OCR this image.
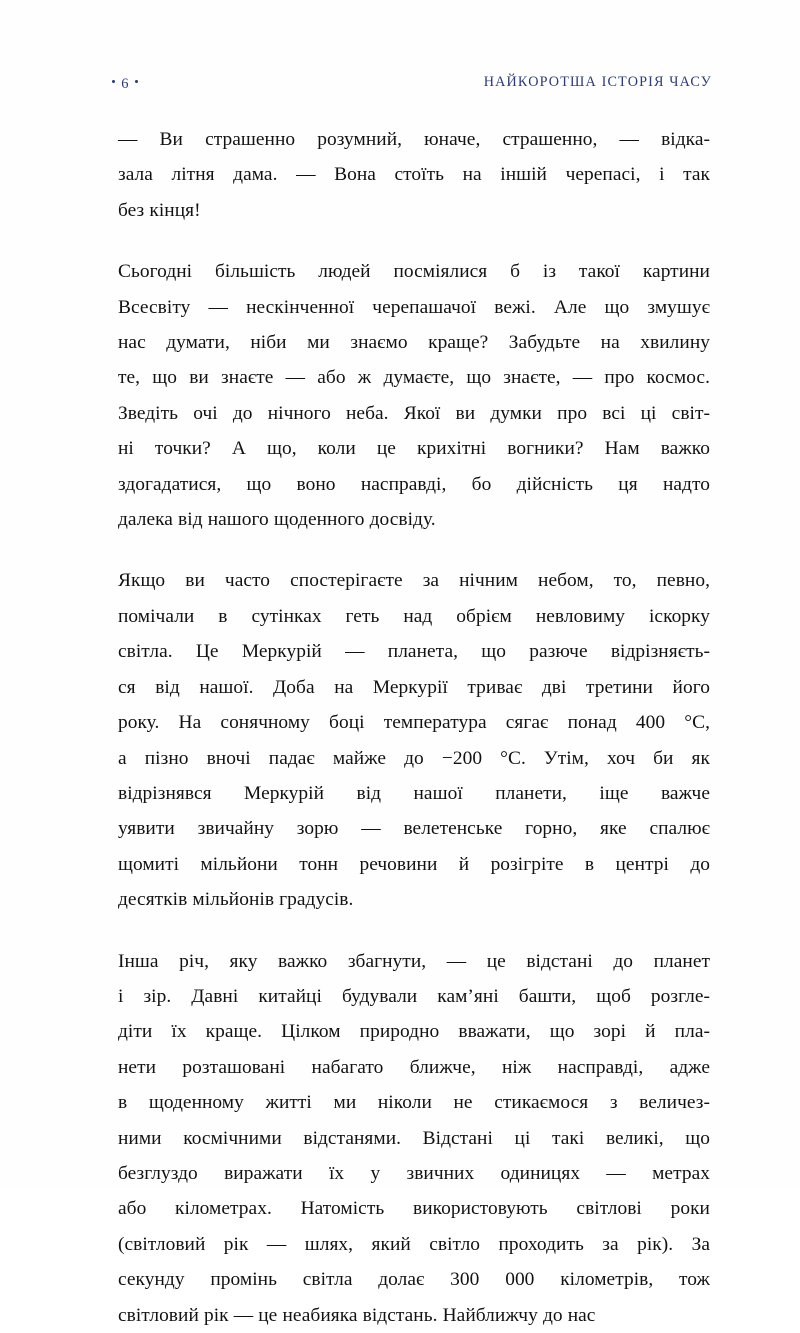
6	НАЙКОРОТША ІСТОРІЯ ЧАСУ

— Ви страшенно розумний, юначе, страшенно, — відка-
зала літня дама. — Вона стоїть на іншій черепасі, і так
без кінця!

Сьогодні більшість людей посміялися б із такої картини
Всесвіту — нескінченної черепашачої вежі. Але що змушує
нас думати, ніби ми знаємо краще? Забудьте на хвилину
те, що ви знаєте — або ж думаєте, що знаєте, — про космос.
Зведіть очі до нічного неба. Якої ви думки про всі ці світ-
ні точки? А що, коли це крихітні вогники? Нам важко
здогадатися, що воно насправді, бо дійсність ця надто
далека від нашого щоденного досвіду.

Якщо ви часто спостерігаєте за нічним небом, то, певно,
помічали в сутінках геть над обрієм невловиму іскорку
світла. Це Меркурій — планета, що разюче відрізняєть-
ся від нашої. Доба на Меркурії триває дві третини його
року. На сонячному боці температура сягає понад 400 °C,
а пізно вночі падає майже до −200 °C. Утім, хоч би як
відрізнявся Меркурій від нашої планети, іще важче
уявити звичайну зорю — велетенське горно, яке спалює
щомиті мільйони тонн речовини й розігріте в центрі до
десятків мільйонів градусів.

Інша річ, яку важко збагнути, — це відстані до планет
і зір. Давні китайці будували кам’яні башти, щоб розгле-
діти їх краще. Цілком природно вважати, що зорі й пла-
нети розташовані набагато ближче, ніж насправді, адже
в щоденному житті ми ніколи не стикаємося з величез-
ними космічними відстанями. Відстані ці такі великі, що
безглуздо виражати їх у звичних одиницях — метрах
або кілометрах. Натомість використовують світлові роки
(світловий рік — шлях, який світло проходить за рік). За
секунду промінь світла долає 300 000 кілометрів, тож
світловий рік — це неабияка відстань. Найближчу до нас
